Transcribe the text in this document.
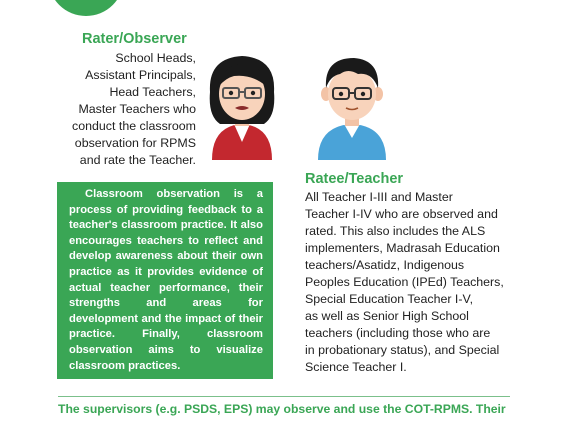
Rater/Observer
School Heads,
Assistant Principals,
Head Teachers,
Master Teachers who
conduct the classroom
observation for RPMS
and rate the Teacher.

Classroom observation is a process of providing feedback to a teacher's classroom practice. It also encourages teachers to reflect and develop awareness about their own practice as it provides evidence of actual teacher performance, their strengths and areas for development and the impact of their practice. Finally, classroom observation aims to visualize classroom practices.

Ratee/Teacher
All Teacher I-III and Master
Teacher I-IV who are observed and
rated. This also includes the ALS
implementers, Madrasah Education
teachers/Asatidz, Indigenous
Peoples Education (IPEd) Teachers,
Special Education Teacher I-V,
as well as Senior High School
teachers (including those who are
in probationary status), and Special
Science Teacher I.
The supervisors (e.g. PSDS, EPS) may observe and use the COT-RPMS. Their
